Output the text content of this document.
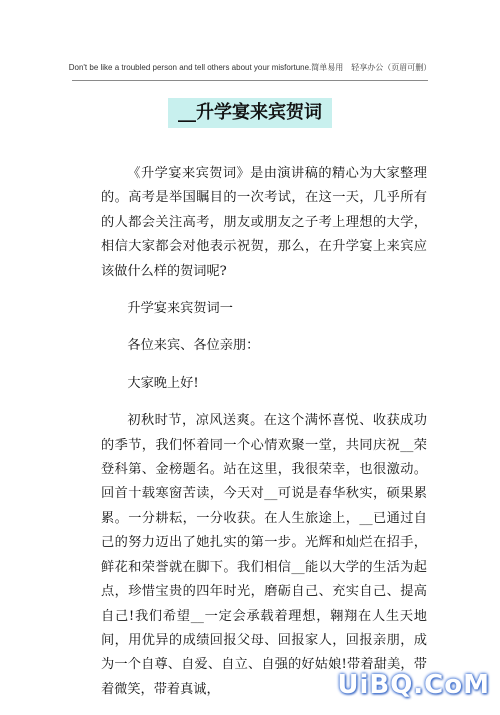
Don't be like a troubled person and tell others about your misfortune.简单易用　轻享办公（页眉可删）
__升学宴来宾贺词

《升学宴来宾贺词》是由演讲稿的精心为大家整理的。高考是举国瞩目的一次考试，在这一天，几乎所有的人都会关注高考，朋友或朋友之子考上理想的大学，相信大家都会对他表示祝贺，那么，在升学宴上来宾应该做什么样的贺词呢?

升学宴来宾贺词一

各位来宾、各位亲朋：

大家晚上好!

初秋时节，凉风送爽。在这个满怀喜悦、收获成功的季节，我们怀着同一个心情欢聚一堂，共同庆祝__荣登科第、金榜题名。站在这里，我很荣幸，也很激动。回首十载寒窗苦读，今天对__可说是春华秋实，硕果累累。一分耕耘，一分收获。在人生旅途上，__已通过自己的努力迈出了她扎实的第一步。光辉和灿烂在招手，鲜花和荣誉就在脚下。我们相信__能以大学的生活为起点，珍惜宝贵的四年时光，磨砺自己、充实自己、提高自己!我们希望__一定会承载着理想，翱翔在人生天地间，用优异的成绩回报父母、回报家人，回报亲朋，成为一个自尊、自爱、自立、自强的好姑娘!带着甜美，带着微笑，带着真诚，	UiBQ.CoM
